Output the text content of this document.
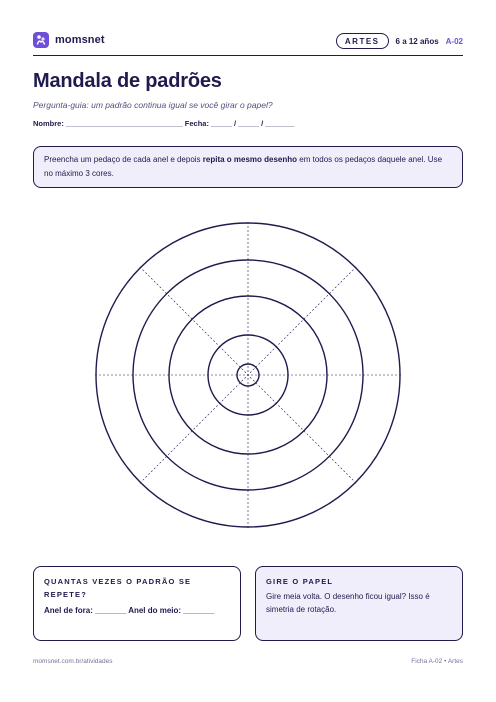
momsnet	ARTES	6 a 12 años A-02
Mandala de padrões
Pergunta-guia: um padrão continua igual se você girar o papel?
Nombre: ____________________________ Fecha: _____ / _____ / _______
Preencha um pedaço de cada anel e depois repita o mesmo desenho em todos os pedaços daquele anel. Use no máximo 3 cores.
QUANTAS VEZES O PADRÃO SE REPETE?
Anel de fora: _______ Anel do meio: _______
GIRE O PAPEL
Gire meia volta. O desenho ficou igual? Isso é simetria de rotação.
momsnet.com.br/atividades	Ficha A-02 • Artes
